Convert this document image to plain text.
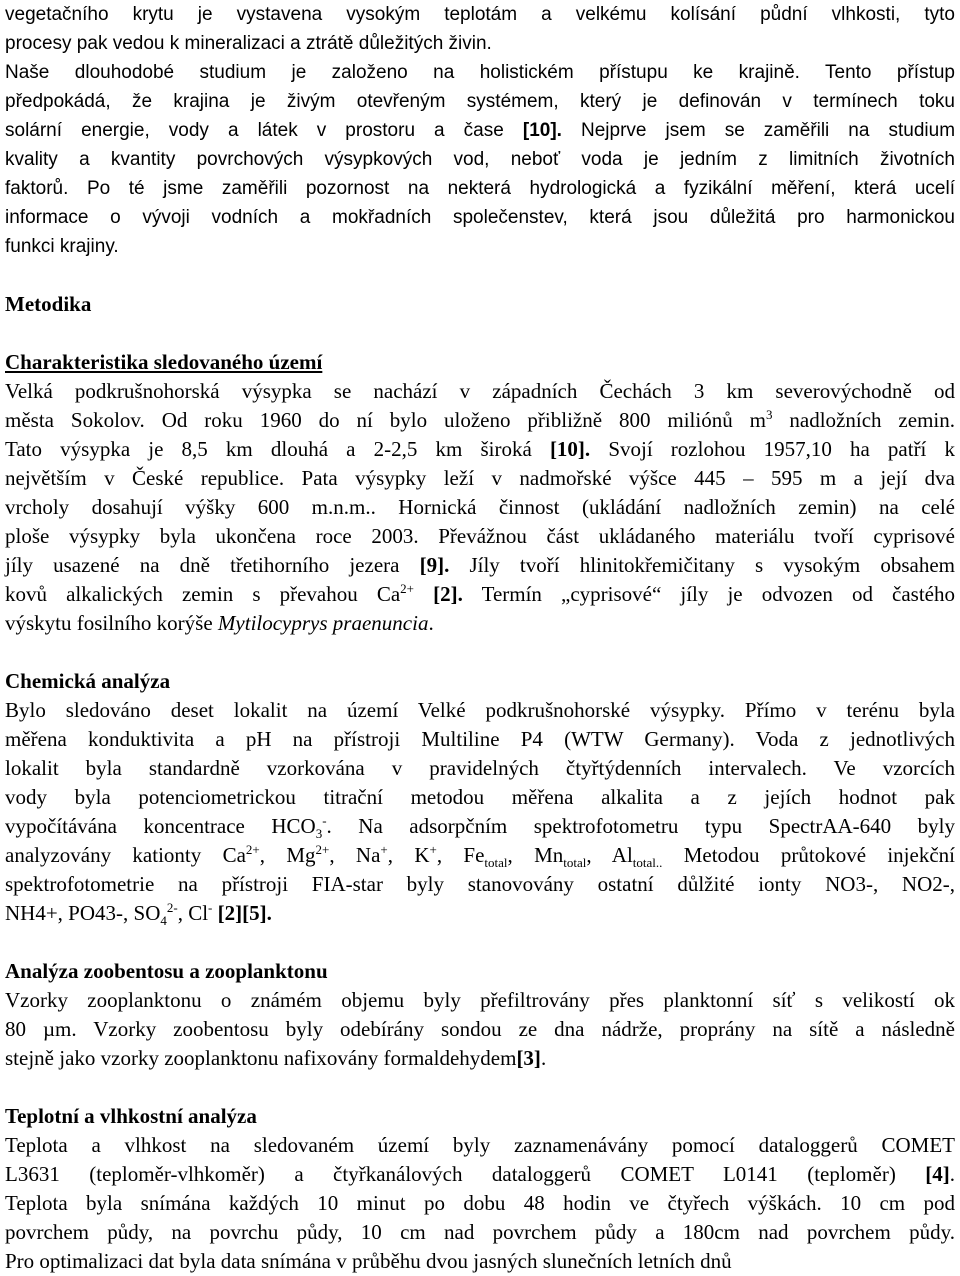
vegetačního krytu je vystavena vysokým teplotám a velkému kolísání půdní vlhkosti, tyto
procesy pak vedou k mineralizaci a ztrátě důležitých živin.
Naše dlouhodobé studium je založeno na holistickém přístupu ke krajině. Tento přístup
předpokádá, že krajina je živým otevřeným systémem, který je definován v termínech toku
solární energie, vody a látek v prostoru a čase [10]. Nejprve jsem se zaměřili na studium
kvality a kvantity povrchových výsypkových vod, neboť voda je jedním z limitních životních
faktorů. Po té jsme zaměřili pozornost na nekterá hydrologická a fyzikální měření, která ucelí
informace o vývoji vodních a mokřadních společenstev, která jsou důležitá pro harmonickou
funkci krajiny.
Metodika
Charakteristika sledovaného území
Velká podkrušnohorská výsypka se nachází v západních Čechách 3 km severovýchodně od
města Sokolov. Od roku 1960 do ní bylo uloženo přibližně 800 miliónů $m^3$ nadložních zemin.
Tato výsypka je 8,5 km dlouhá a 2-2,5 km široká [10]. Svojí rozlohou 1957,10 ha patří k
největším v České republice. Pata výsypky leží v nadmořské výšce 445 – 595 m a její dva
vrcholy dosahují výšky 600 m.n.m.. Hornická činnost (ukládání nadložních zemin) na celé
ploše výsypky byla ukončena roce 2003. Převážnou část ukládaného materiálu tvoří cyprisové
jíly usazené na dně třetihorního jezera [9]. Jíly tvoří hlinitokřemičitany s vysokým obsahem
kovů alkalických zemin s převahou $Ca^{2+}$ [2]. Termín „cyprisové“ jíly je odvozen od častého
výskytu fosilního korýše Mytilocyprys praenuncia.
Chemická analýza
Bylo sledováno deset lokalit na území Velké podkrušnohorské výsypky. Přímo v terénu byla
měřena konduktivita a pH na přístroji Multiline P4 (WTW Germany). Voda z jednotlivých
lokalit byla standardně vzorkována v pravidelných čtyřtýdenních intervalech. Ve vzorcích
vody byla potenciometrickou titrační metodou měřena alkalita a z jejích hodnot pak
vypočítávána koncentrace $HCO_3^-$. Na adsorpčním spektrofotometru typu SpectrAA-640 byly
analyzovány kationty $Ca^{2+}$, $Mg^{2+}$, Na+, K+, $Fe_{total}$, $Mn_{total}$, $Al_{total..}$ Metodou průtokové injekční
spektrofotometrie na přístroji FIA-star byly stanovovány ostatní důlžité ionty NO3-, NO2-,
NH4+, PO43-, $SO_4^{2-}$, Cl- [2][5].
Analýza zoobentosu a zooplanktonu
Vzorky zooplanktonu o známém objemu byly přefiltrovány přes planktonní síť s velikostí ok
80 µm. Vzorky zoobentosu byly odebírány sondou ze dna nádrže, proprány na sítě a následně
stejně jako vzorky zooplanktonu nafixovány formaldehydem[3].
Teplotní a vlhkostní analýza
Teplota a vlhkost na sledovaném území byly zaznamenávány pomocí dataloggerů COMET
L3631 (teploměr-vlhkoměr) a čtyřkanálových dataloggerů COMET L0141 (teploměr) [4].
Teplota byla snímána každých 10 minut po dobu 48 hodin ve čtyřech výškách. 10 cm pod
povrchem půdy, na povrchu půdy, 10 cm nad povrchem půdy a 180cm nad povrchem půdy.
Pro optimalizaci dat byla data snímána v průběhu dvou jasných slunečních letních dnů
